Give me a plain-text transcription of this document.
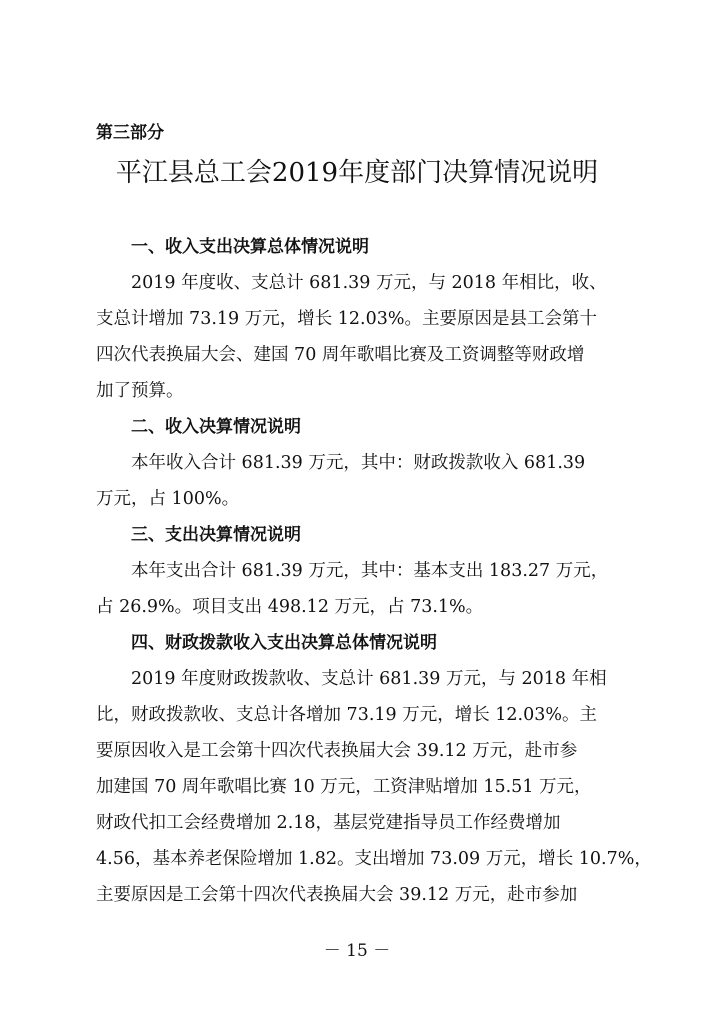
第三部分
平江县总工会2019年度部门决算情况说明
一、收入支出决算总体情况说明
2019 年度收、支总计 681.39 万元，与 2018 年相比，收、
支总计增加 73.19 万元，增长 12.03%。主要原因是县工会第十
四次代表换届大会、建国 70 周年歌唱比赛及工资调整等财政增
加了预算。
二、收入决算情况说明
本年收入合计 681.39 万元，其中：财政拨款收入 681.39
万元，占 100%。
三、支出决算情况说明
本年支出合计 681.39 万元，其中：基本支出 183.27 万元，
占 26.9%。项目支出 498.12 万元，占 73.1%。
四、财政拨款收入支出决算总体情况说明
2019 年度财政拨款收、支总计 681.39 万元，与 2018 年相
比，财政拨款收、支总计各增加 73.19 万元，增长 12.03%。主
要原因收入是工会第十四次代表换届大会 39.12 万元，赴市参
加建国 70 周年歌唱比赛 10 万元，工资津贴增加 15.51 万元，
财政代扣工会经费增加 2.18，基层党建指导员工作经费增加
4.56，基本养老保险增加 1.82。支出增加 73.09 万元，增长 10.7%，
主要原因是工会第十四次代表换届大会 39.12 万元，赴市参加
－ 15 －
